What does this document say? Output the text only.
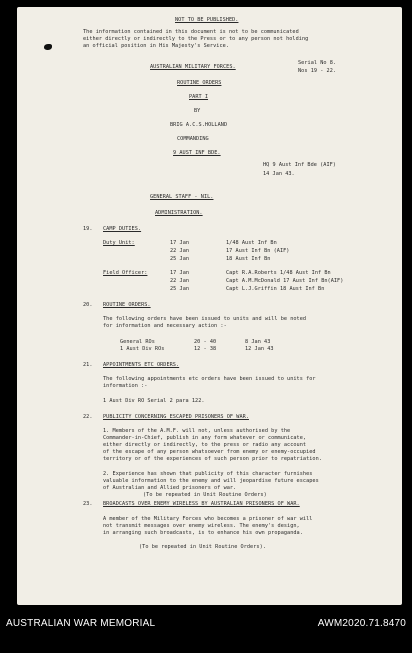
NOT TO BE PUBLISHED.
The information contained in this document is not to be communicated
either directly or indirectly to the Press or to any person not holding
an official position in His Majesty's Service.
AUSTRALIAN MILITARY FORCES.
Serial No 8.
Nos 19 - 22.
ROUTINE ORDERS
PART I
BY
BRIG A.C.S.HOLLAND
COMMANDING
9 AUST INF BDE.
HQ 9 Aust Inf Bde (AIF)
14 Jan 43.
GENERAL STAFF - NIL.
ADMINISTRATION.
19. CAMP DUTIES.
Duty Unit:	17 Jan	1/48 Aust Inf Bn
22 Jan	17 Aust Inf Bn (AIF)
25 Jan	18 Aust Inf Bn
Field Officer:	17 Jan	Capt R.A.Roberts 1/48 Aust Inf Bn
22 Jan	Capt A.M.McDonald 17 Aust Inf Bn(AIF)
25 Jan	Capt L.J.Griffin 18 Aust Inf Bn
20. ROUTINE ORDERS.
The following orders have been issued to units and will be noted
for information and necessary action :-
General ROs	20 - 40	8 Jan 43
1 Aust Div ROs	12 - 38	12 Jan 43
21. APPOINTMENTS ETC ORDERS.
The following appointments etc orders have been issued to units for
information :-
1 Aust Div RO Serial 2 para 122.
22. PUBLICITY CONCERNING ESCAPED PRISONERS OF WAR.
1. Members of the A.M.F. will not, unless authorised by the
Commander-in-Chief, publish in any form whatever or communicate,
either directly or indirectly, to the press or radio any account
of the escape of any person whatsoever from enemy or enemy-occupied
territory or of the experiences of such person prior to repatriation.
2. Experience has shown that publicity of this character furnishes
valuable information to the enemy and will jeopardise future escapes
of Australian and Allied prisoners of war.
(To be repeated in Unit Routine Orders)
23. BROADCASTS OVER ENEMY WIRELESS BY AUSTRALIAN PRISONERS OF WAR.
A member of the Military Forces who becomes a prisoner of war will
not transmit messages over enemy wireless. The enemy's design,
in arranging such broadcasts, is to enhance his own propaganda.
(To be repeated in Unit Routine Orders).
AUSTRALIAN WAR MEMORIAL	AWM2020.71.8470
